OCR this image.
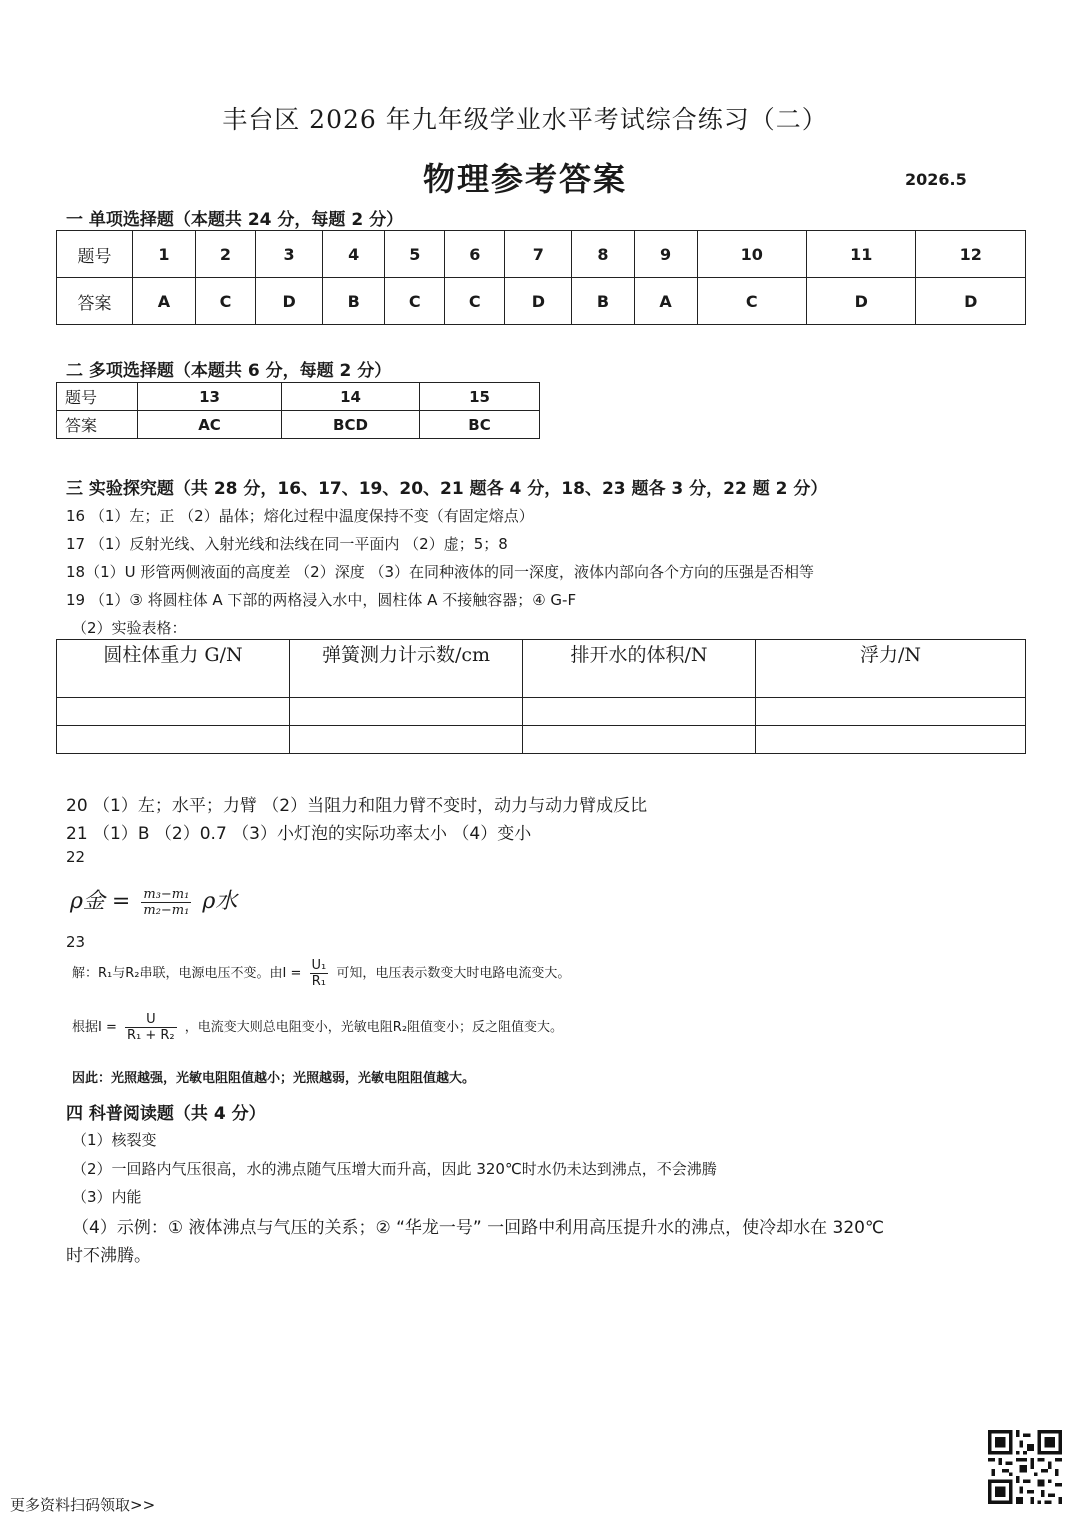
丰台区 2026 年九年级学业水平考试综合练习（二）
物理参考答案	2026.5
一 单项选择题（本题共 24 分，每题 2 分）
题号	1	2	3	4	5	6	7	8	9	10	11	12
答案	A	C	D	B	C	C	D	B	A	C	D	D
二 多项选择题（本题共 6 分，每题 2 分）
题号	13	14	15
答案	AC	BCD	BC
三 实验探究题（共 28 分，16、17、19、20、21 题各 4 分，18、23 题各 3 分，22 题 2 分）
16 （1）左；正 （2）晶体；熔化过程中温度保持不变（有固定熔点）
17 （1）反射光线、入射光线和法线在同一平面内 （2）虚；5；8
18（1）U 形管两侧液面的高度差 （2）深度 （3）在同种液体的同一深度，液体内部向各个方向的压强是否相等
19 （1）③ 将圆柱体 A 下部的两格浸入水中，圆柱体 A 不接触容器；④ G-F
（2）实验表格：
圆柱体重力 G/N	弹簧测力计示数/cm	排开水的体积/N	浮力/N

20 （1）左；水平；力臂 （2）当阻力和阻力臂不变时，动力与动力臂成反比
21 （1）B （2）0.7 （3）小灯泡的实际功率太小 （4）变小
22
ρ金 = $\frac{\text{m₃−m₁}}{\text{m₂−m₁}}$ ρ水
23
解：R₁与R₂串联，电源电压不变。由$I = \frac{\text{U₁}}{\text{R₁}}$ 可知，电压表示数变大时电路电流变大。
根据$I = \frac{U}{\text{R₁ + R₂}}$ ，电流变大则总电阻变小，光敏电阻R₂阻值变小；反之阻值变大。
因此：光照越强，光敏电阻阻值越小；光照越弱，光敏电阻阻值越大。
四 科普阅读题（共 4 分）
（1）核裂变
（2）一回路内气压很高，水的沸点随气压增大而升高，因此 320℃时水仍未达到沸点，不会沸腾
（3）内能
（4）示例：① 液体沸点与气压的关系；② “华龙一号” 一回路中利用高压提升水的沸点，使冷却水在 320℃
时不沸腾。
更多资料扫码领取>>
